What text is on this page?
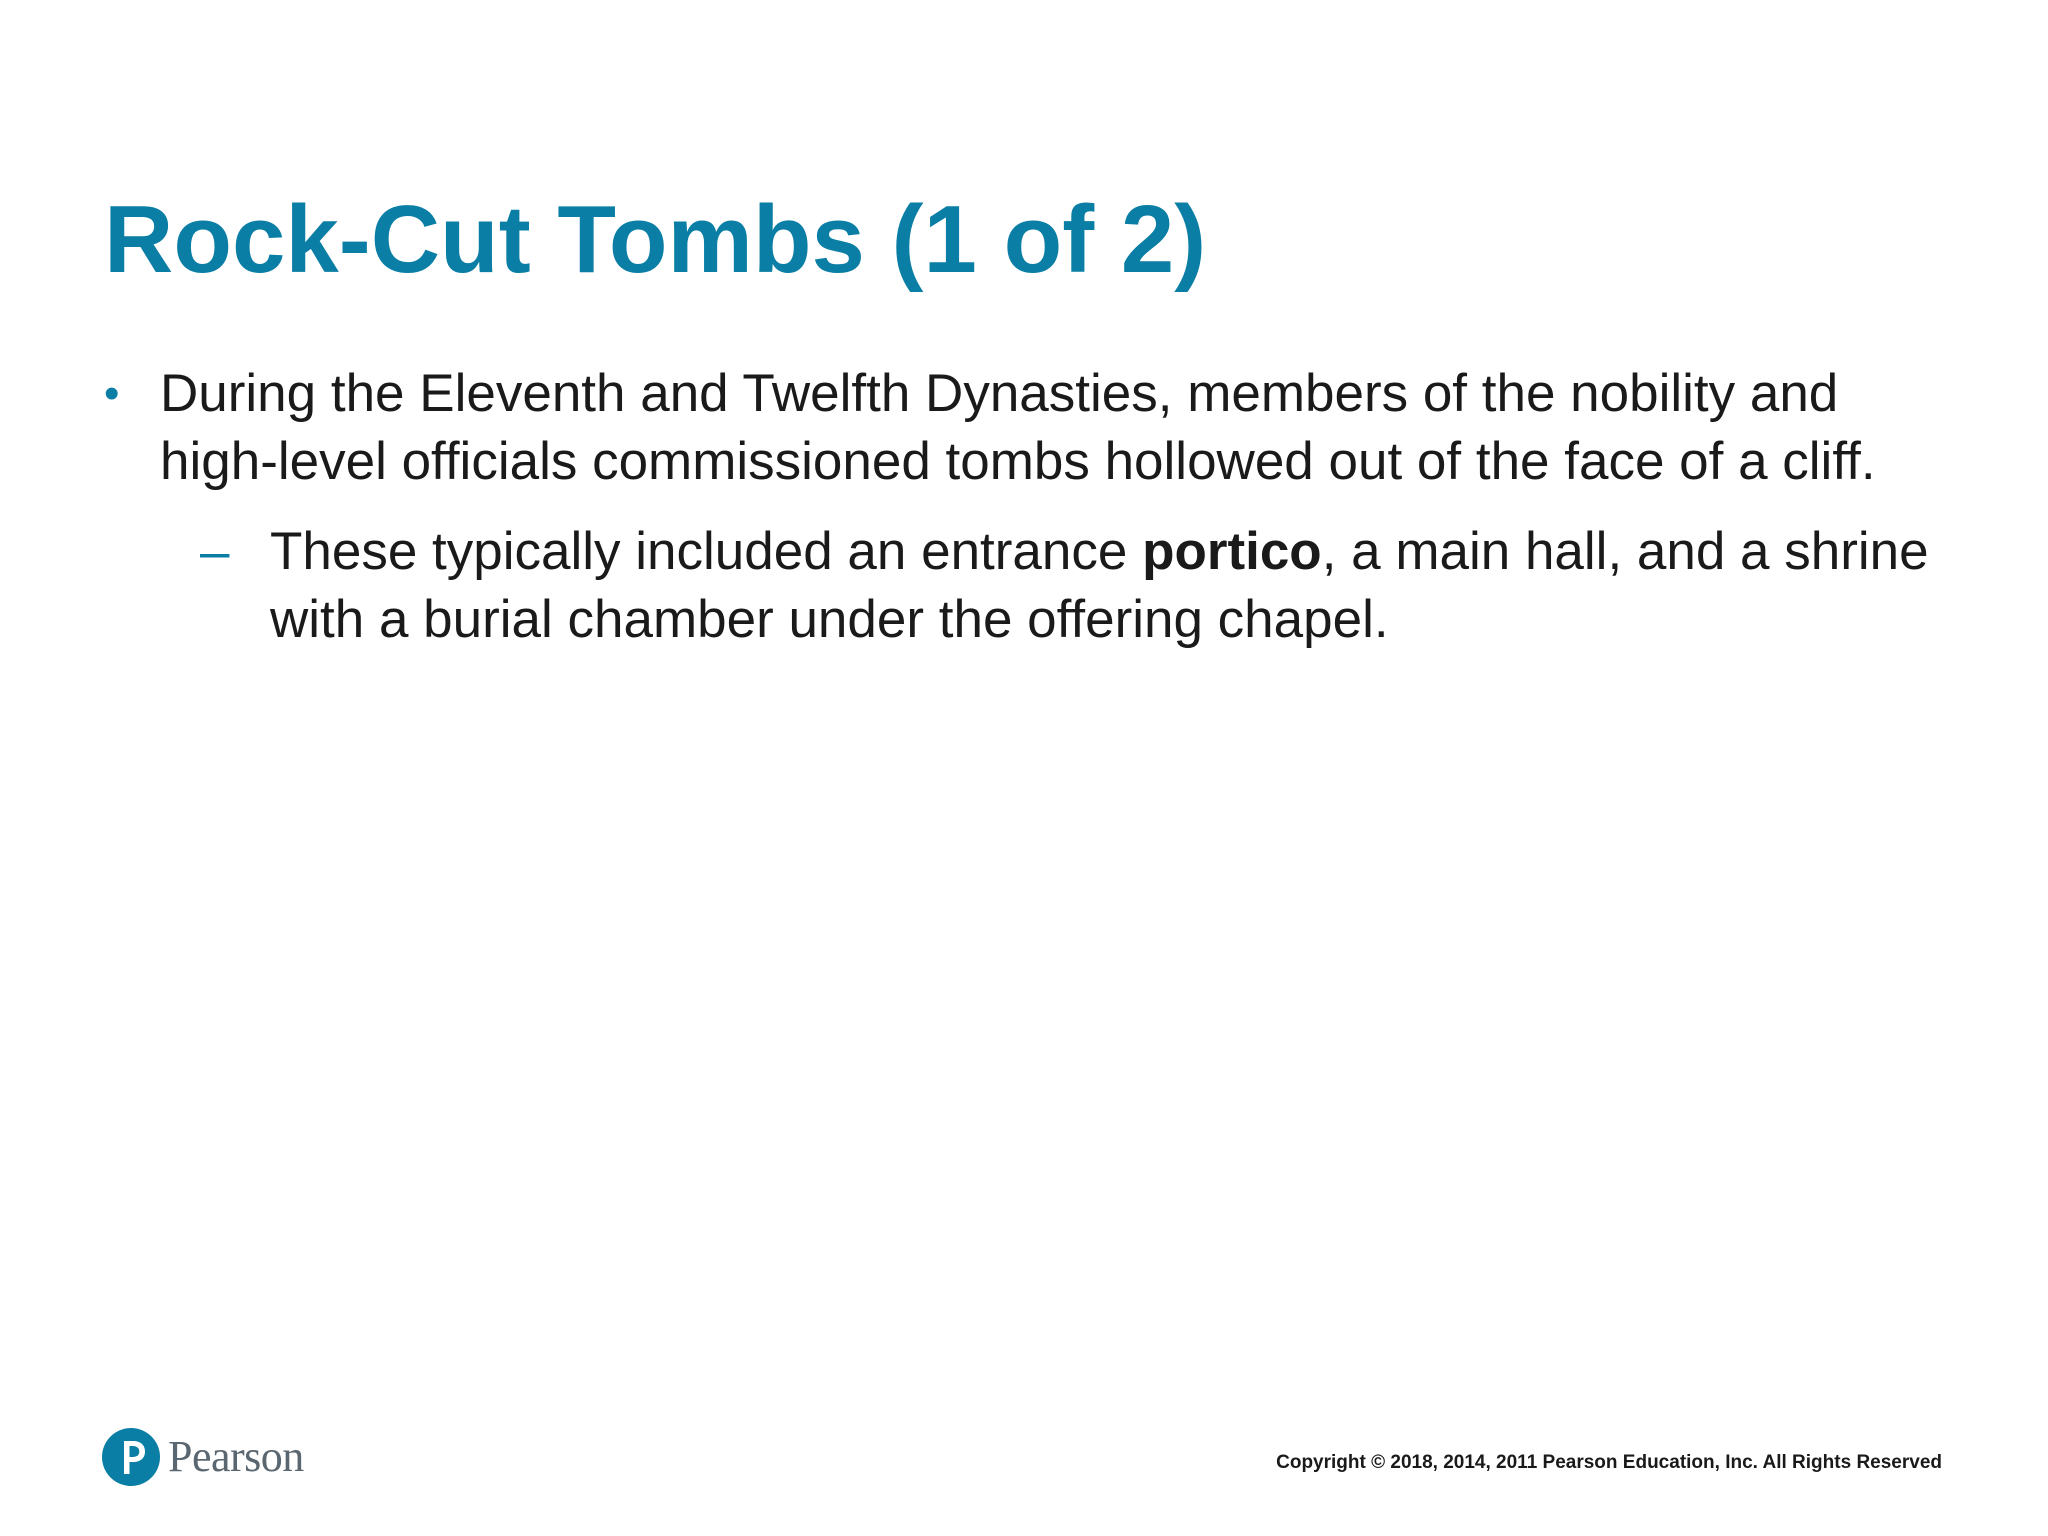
Rock-Cut Tombs (1 of 2)
• During the Eleventh and Twelfth Dynasties, members of the nobility and high-level officials commissioned tombs hollowed out of the face of a cliff.
– These typically included an entrance portico, a main hall, and a shrine with a burial chamber under the offering chapel.
Pearson	Copyright © 2018, 2014, 2011 Pearson Education, Inc. All Rights Reserved
